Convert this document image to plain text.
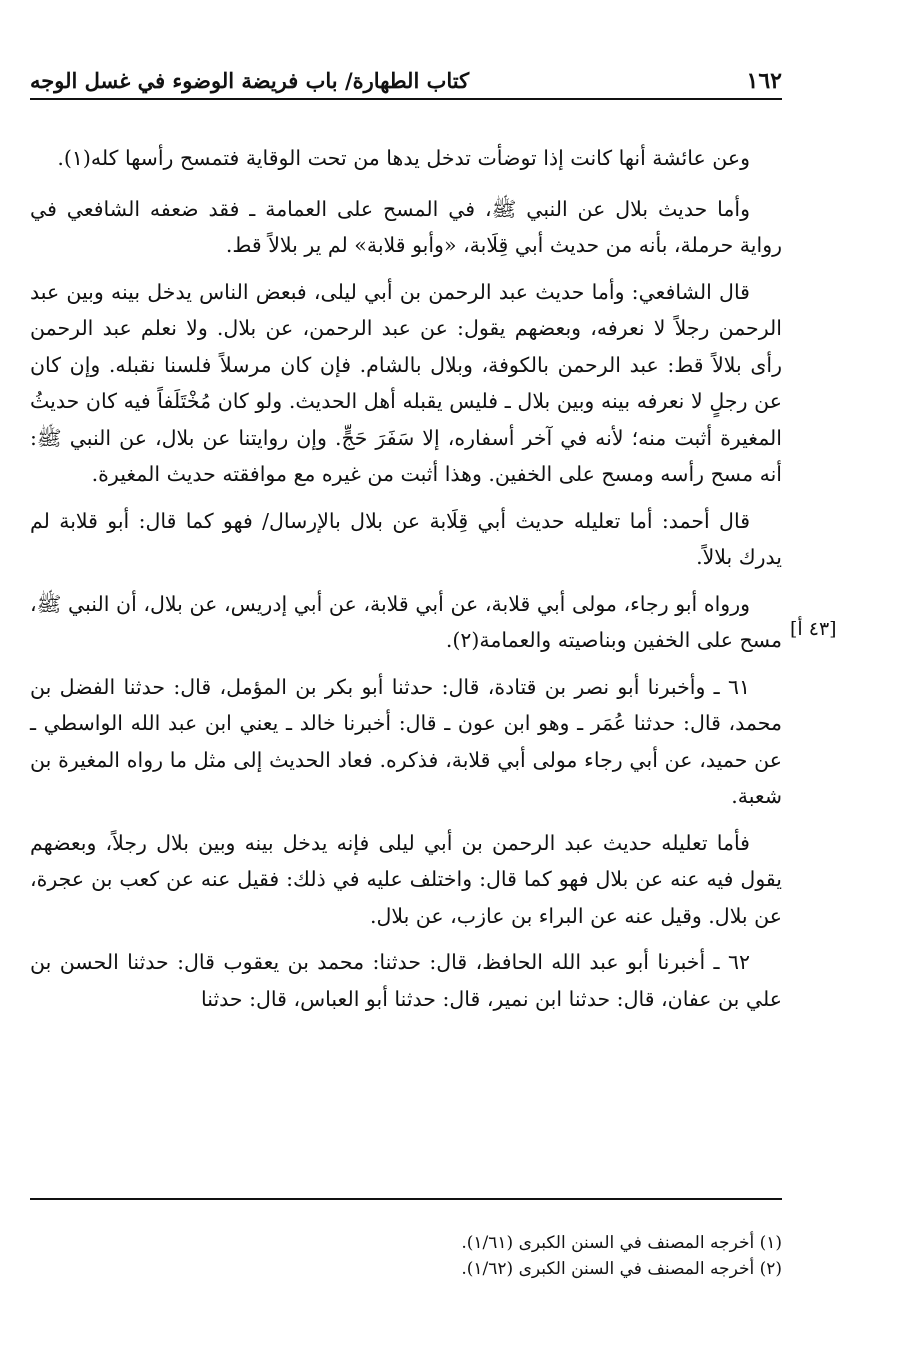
١٦٢
كتاب الطهارة/ باب فريضة الوضوء في غسل الوجه
[٤٣ أ]

وعن عائشة أنها كانت إذا توضأت تدخل يدها من تحت الوقاية فتمسح رأسها كله(١).

وأما حديث بلال عن النبي ﷺ، في المسح على العمامة ـ فقد ضعفه الشافعي في رواية حرملة، بأنه من حديث أبي قِلَابة، «وأبو قلابة» لم ير بلالاً قط.

قال الشافعي: وأما حديث عبد الرحمن بن أبي ليلى، فبعض الناس يدخل بينه وبين عبد الرحمن رجلاً لا نعرفه، وبعضهم يقول: عن عبد الرحمن، عن بلال. ولا نعلم عبد الرحمن رأى بلالاً قط: عبد الرحمن بالكوفة، وبلال بالشام. فإن كان مرسلاً فلسنا نقبله. وإن كان عن رجلٍ لا نعرفه بينه وبين بلال ـ فليس يقبله أهل الحديث. ولو كان مُخْتَلَفاً فيه كان حديثُ المغيرة أثبت منه؛ لأنه في آخر أسفاره، إلا سَفَرَ حَجٍّ. وإن روايتنا عن بلال، عن النبي ﷺ: أنه مسح رأسه ومسح على الخفين. وهذا أثبت من غيره مع موافقته حديث المغيرة.

قال أحمد: أما تعليله حديث أبي قِلَابة عن بلال بالإرسال/ فهو كما قال: أبو قلابة لم يدرك بلالاً.

ورواه أبو رجاء، مولى أبي قلابة، عن أبي قلابة، عن أبي إدريس، عن بلال، أن النبي ﷺ، مسح على الخفين وبناصيته والعمامة(٢).

٦١ ـ وأخبرنا أبو نصر بن قتادة، قال: حدثنا أبو بكر بن المؤمل، قال: حدثنا الفضل بن محمد، قال: حدثنا عُمَر ـ وهو ابن عون ـ قال: أخبرنا خالد ـ يعني ابن عبد الله الواسطي ـ عن حميد، عن أبي رجاء مولى أبي قلابة، فذكره. فعاد الحديث إلى مثل ما رواه المغيرة بن شعبة.

فأما تعليله حديث عبد الرحمن بن أبي ليلى فإنه يدخل بينه وبين بلال رجلاً، وبعضهم يقول فيه عنه عن بلال فهو كما قال: واختلف عليه في ذلك: فقيل عنه عن كعب بن عجرة، عن بلال. وقيل عنه عن البراء بن عازب، عن بلال.

٦٢ ـ أخبرنا أبو عبد الله الحافظ، قال: حدثنا: محمد بن يعقوب قال: حدثنا الحسن بن علي بن عفان، قال: حدثنا ابن نمير، قال: حدثنا أبو العباس، قال: حدثنا

(١) أخرجه المصنف في السنن الكبرى (١/٦١).

(٢) أخرجه المصنف في السنن الكبرى (١/٦٢).
